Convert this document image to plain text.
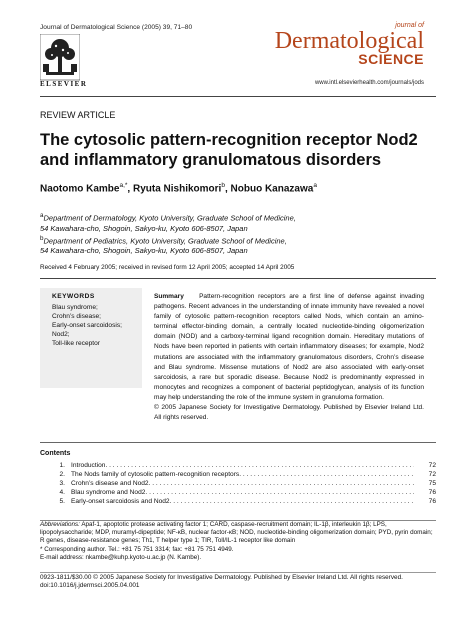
Journal of Dermatological Science (2005) 39, 71–80
ELSEVIER
journal of
Dermatological
SCIENCE
www.intl.elsevierhealth.com/journals/jods
REVIEW ARTICLE
The cytosolic pattern-recognition receptor Nod2 and inflammatory granulomatous disorders
Naotomo Kambe$^{a,*}$, Ryuta Nishikomori$^b$, Nobuo Kanazawa$^a$
$^a$Department of Dermatology, Kyoto University, Graduate School of Medicine,
54 Kawahara-cho, Shogoin, Sakyo-ku, Kyoto 606-8507, Japan
$^b$Department of Pediatrics, Kyoto University, Graduate School of Medicine,
54 Kawahara-cho, Shogoin, Sakyo-ku, Kyoto 606-8507, Japan
Received 4 February 2005; received in revised form 12 April 2005; accepted 14 April 2005
KEYWORDS
Blau syndrome;
Crohn’s disease;
Early-onset sarcoidosis;
Nod2;
Toll-like receptor

Summary Pattern-recognition receptors are a first line of defense against invading pathogens. Recent advances in the understanding of innate immunity have revealed a novel family of cytosolic pattern-recognition receptors called Nods, which contain an amino-terminal effector-binding domain, a centrally located nucleotide-binding oligomerization domain (NOD) and a carboxy-terminal ligand recognition domain. Hereditary mutations of Nods have been reported in patients with certain inflammatory diseases; for example, Nod2 mutations are associated with the inflammatory granulomatous disorders, Crohn’s disease and Blau syndrome. Missense mutations of Nod2 are also associated with early-onset sarcoidosis, a rare but sporadic disease. Because Nod2 is predominantly expressed in monocytes and recognizes a component of bacterial peptidoglycan, analysis of its function may help understanding the role of the immune system in granuloma formation.

© 2005 Japanese Society for Investigative Dermatology. Published by Elsevier Ireland Ltd. All rights reserved.

Contents
1. Introduction . . .	72
2. The Nods family of cytosolic pattern-recognition receptors . . .	72
3. Crohn’s disease and Nod2 . . .	75
4. Blau syndrome and Nod2 . . .	76
5. Early-onset sarcoidosis and Nod2 . . .	76

Abbreviations: Apaf-1, apoptotic protease activating factor 1; CARD, caspase-recruitment domain; IL-1β, interleukin 1β; LPS, lipopolysaccharide; MDP, muramyl-dipeptide; NF-κB, nuclear factor-κB; NOD, nucleotide-binding oligomerization domain; PYD, pyrin domain; R genes, disease-resistance genes; Th1, T helper type 1; TIR, Toll/IL-1 receptor like domain

* Corresponding author. Tel.: +81 75 751 3314; fax: +81 75 751 4949.

E-mail address: nkambe@kuhp.kyoto-u.ac.jp (N. Kambe).

0923-1811/$30.00 © 2005 Japanese Society for Investigative Dermatology. Published by Elsevier Ireland Ltd. All rights reserved.
doi:10.1016/j.jdermsci.2005.04.001
